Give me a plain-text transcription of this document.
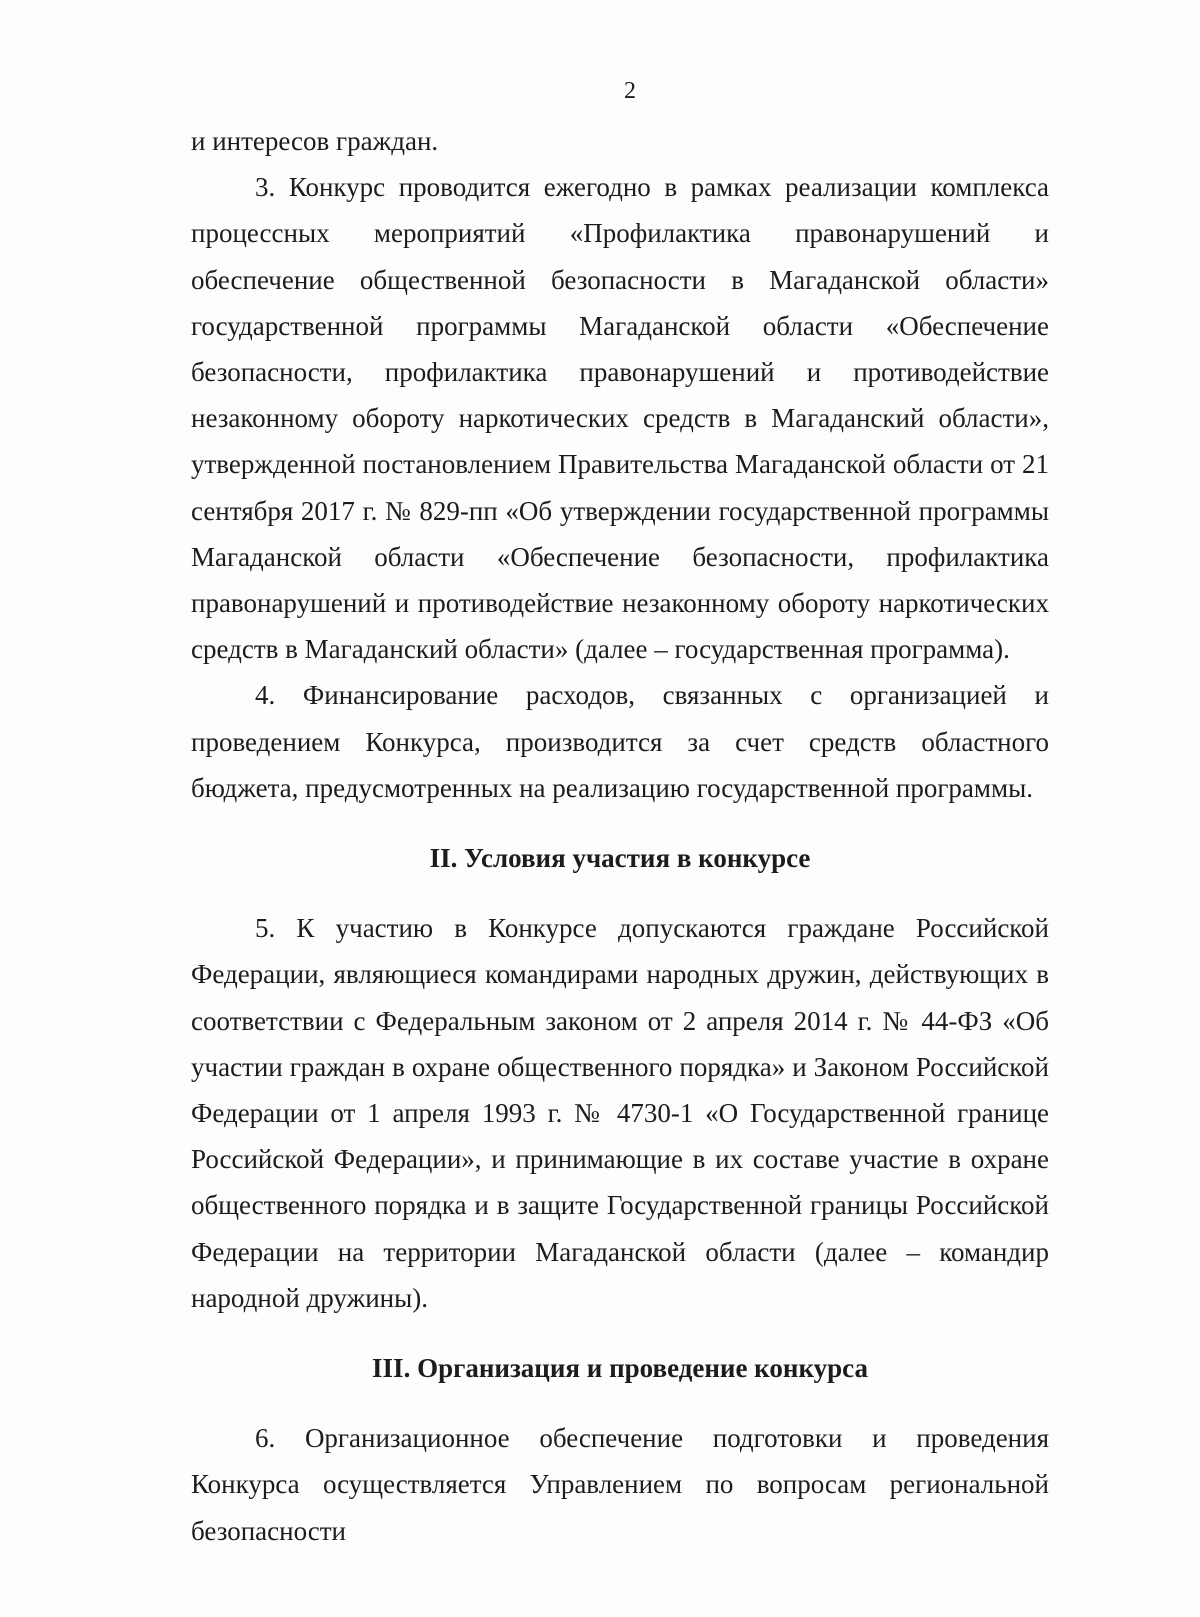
2

и интересов граждан.

3. Конкурс проводится ежегодно в рамках реализации комплекса процессных мероприятий «Профилактика правонарушений и обеспечение общественной безопасности в Магаданской области» государственной программы Магаданской области «Обеспечение безопасности, профилактика правонарушений и противодействие незаконному обороту наркотических средств в Магаданский области», утвержденной постановлением Правительства Магаданской области от 21 сентября 2017 г. № 829-пп «Об утверждении государственной программы Магаданской области «Обеспечение безопасности, профилактика правонарушений и противодействие незаконному обороту наркотических средств в Магаданский области» (далее – государственная программа).

4. Финансирование расходов, связанных с организацией и проведением Конкурса, производится за счет средств областного бюджета, предусмотренных на реализацию государственной программы.

II. Условия участия в конкурсе

5. К участию в Конкурсе допускаются граждане Российской Федерации, являющиеся командирами народных дружин, действующих в соответствии с Федеральным законом от 2 апреля 2014 г. № 44-ФЗ «Об участии граждан в охране общественного порядка» и Законом Российской Федерации от 1 апреля 1993 г. № 4730-1 «О Государственной границе Российской Федерации», и принимающие в их составе участие в охране общественного порядка и в защите Государственной границы Российской Федерации на территории Магаданской области (далее – командир народной дружины).

III. Организация и проведение конкурса

6. Организационное обеспечение подготовки и проведения Конкурса осуществляется Управлением по вопросам региональной безопасности
